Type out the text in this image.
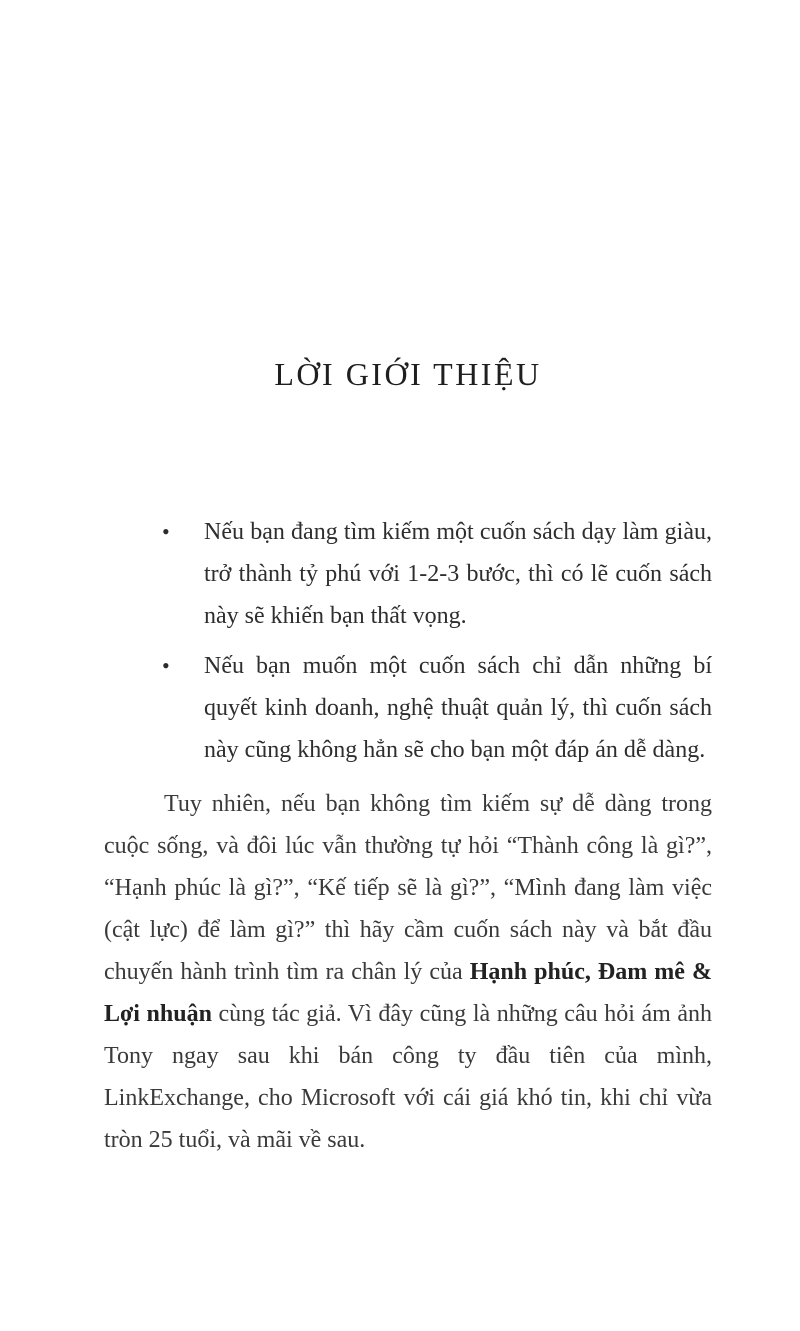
LỜI GIỚI THIỆU
•	Nếu bạn đang tìm kiếm một cuốn sách dạy làm giàu, trở thành tỷ phú với 1-2-3 bước, thì có lẽ cuốn sách này sẽ khiến bạn thất vọng.
•	Nếu bạn muốn một cuốn sách chỉ dẫn những bí quyết kinh doanh, nghệ thuật quản lý, thì cuốn sách này cũng không hẳn sẽ cho bạn một đáp án dễ dàng.

Tuy nhiên, nếu bạn không tìm kiếm sự dễ dàng trong cuộc sống, và đôi lúc vẫn thường tự hỏi “Thành công là gì?”, “Hạnh phúc là gì?”, “Kế tiếp sẽ là gì?”, “Mình đang làm việc (cật lực) để làm gì?” thì hãy cầm cuốn sách này và bắt đầu chuyến hành trình tìm ra chân lý của Hạnh phúc, Đam mê & Lợi nhuận cùng tác giả. Vì đây cũng là những câu hỏi ám ảnh Tony ngay sau khi bán công ty đầu tiên của mình, LinkExchange, cho Microsoft với cái giá khó tin, khi chỉ vừa tròn 25 tuổi, và mãi về sau.
